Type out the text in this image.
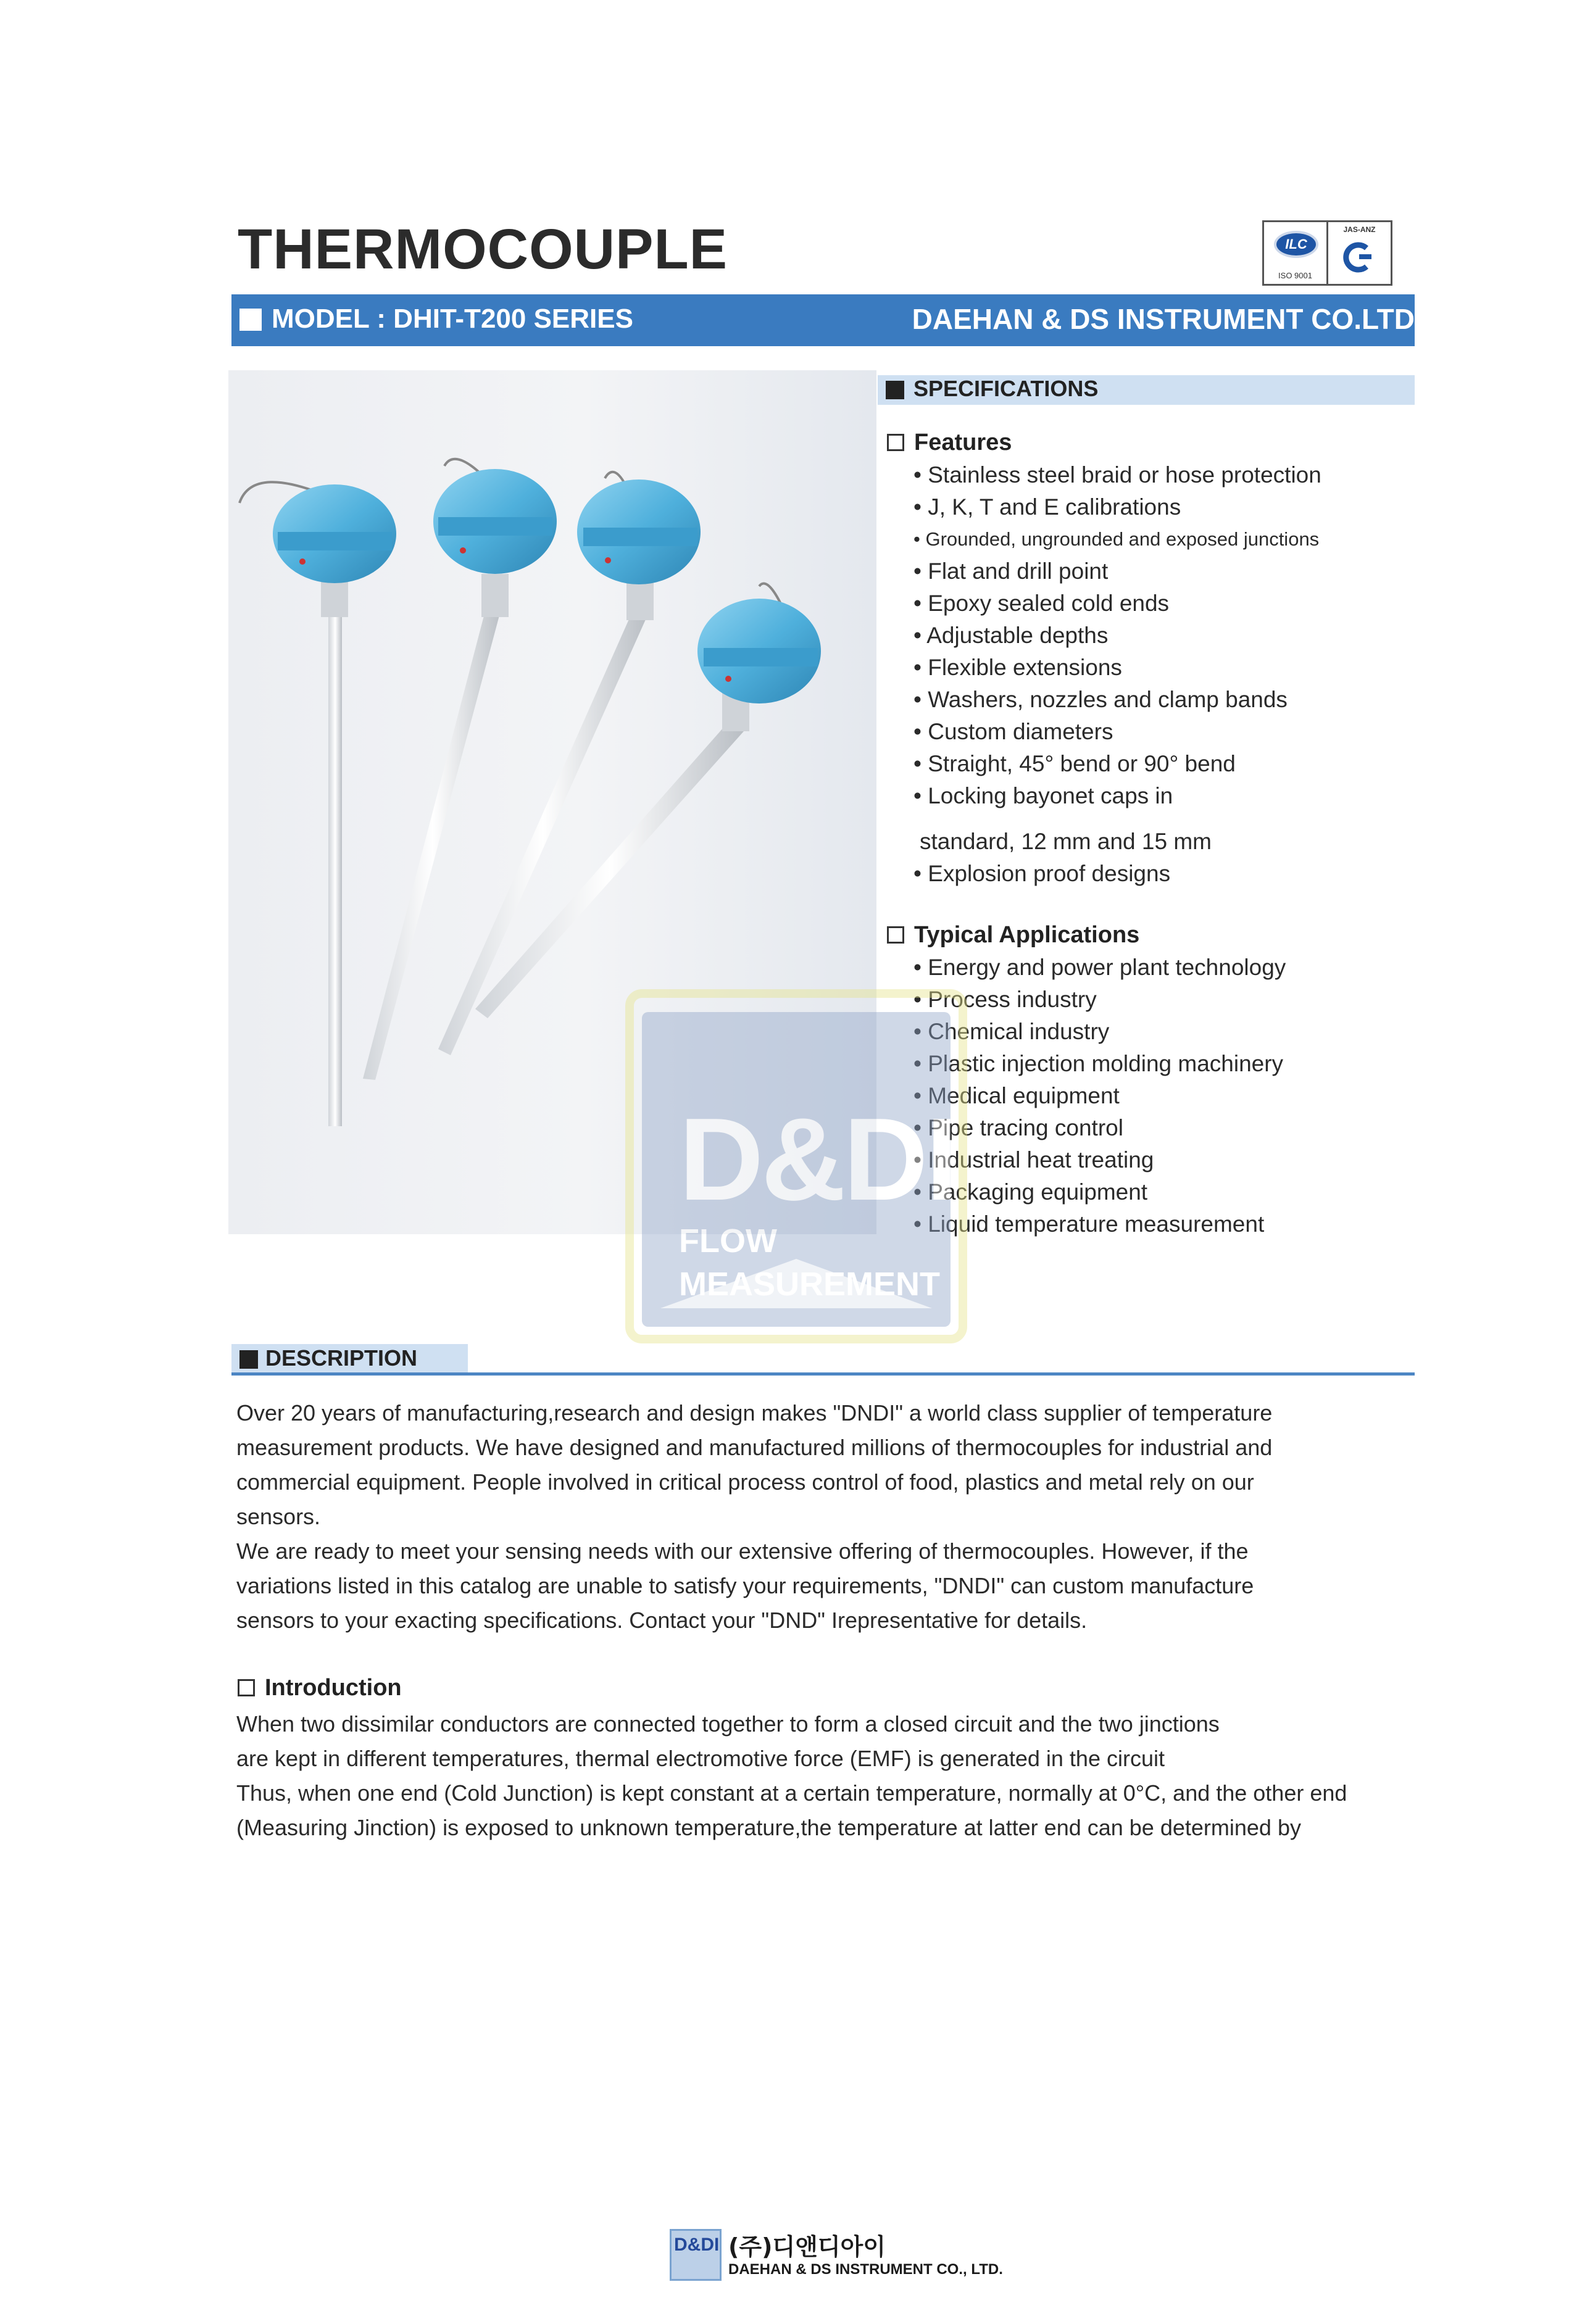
THERMOCOUPLE	ILC
ISO 9001
JAS-ANZ
MODEL : DHIT-T200 SERIES	DAEHAN & DS INSTRUMENT CO.LTD
SPECIFICATIONS
Features
• Stainless steel braid or hose protection
• J, K, T and E calibrations
• Grounded, ungrounded and exposed junctions
• Flat and drill point
• Epoxy sealed cold ends
• Adjustable depths
• Flexible extensions
• Washers, nozzles and clamp bands
• Custom diameters
• Straight, 45° bend or 90° bend
• Locking bayonet caps in
standard, 12 mm and 15 mm
• Explosion proof designs
Typical Applications
• Energy and power plant technology
• Process industry
• Chemical industry
• Plastic injection molding machinery
• Medical equipment
• Pipe tracing control
• Industrial heat treating
• Packaging equipment
• Liquid temperature measurement
D&DI
FLOW
MEASUREMENT
DESCRIPTION
Over 20 years of manufacturing,research and design makes "DNDI" a world class supplier of temperature
measurement products. We have designed and manufactured millions of thermocouples for industrial and
commercial equipment. People involved in critical process control of food, plastics and metal rely on our
sensors.
We are ready to meet your sensing needs with our extensive offering of thermocouples. However, if the
variations listed in this catalog are unable to satisfy your requirements, "DNDI" can custom manufacture
sensors to your exacting specifications. Contact your "DND" Irepresentative for details.
Introduction
When two dissimilar conductors are connected together to form a closed circuit and the two jinctions
are kept in different temperatures, thermal electromotive force (EMF) is generated in the circuit
Thus, when one end (Cold Junction) is kept constant at a certain temperature, normally at 0°C, and the other end
(Measuring Jinction) is exposed to unknown temperature,the temperature at latter end can be determined by
D&DI (주)디앤디아이
DAEHAN & DS INSTRUMENT CO., LTD.
